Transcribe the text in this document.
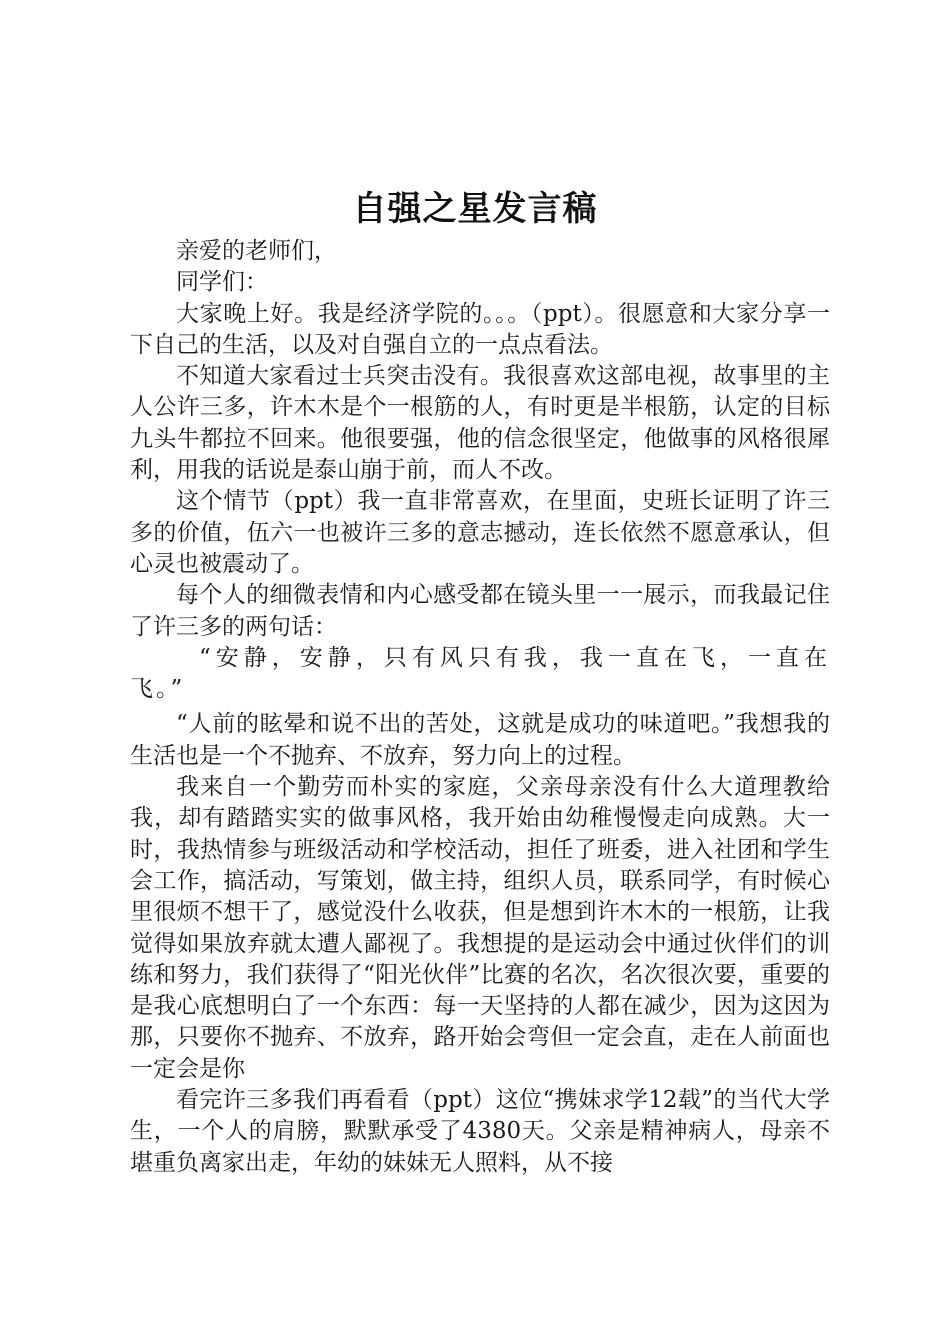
自强之星发言稿

亲爱的老师们，

同学们：

大家晚上好。我是经济学院的。。。（ppt）。很愿意和大家分享一下自己的生活，以及对自强自立的一点点看法。

不知道大家看过士兵突击没有。我很喜欢这部电视，故事里的主人公许三多，许木木是个一根筋的人，有时更是半根筋，认定的目标九头牛都拉不回来。他很要强，他的信念很坚定，他做事的风格很犀利，用我的话说是泰山崩于前，而人不改。

这个情节（ppt）我一直非常喜欢，在里面，史班长证明了许三多的价值，伍六一也被许三多的意志撼动，连长依然不愿意承认，但心灵也被震动了。

每个人的细微表情和内心感受都在镜头里一一展示，而我最记住了许三多的两句话：

“安静，安静，只有风只有我，我一直在飞，一直在飞。”

“人前的眩晕和说不出的苦处，这就是成功的味道吧。”我想我的生活也是一个不抛弃、不放弃，努力向上的过程。

我来自一个勤劳而朴实的家庭，父亲母亲没有什么大道理教给我，却有踏踏实实的做事风格，我开始由幼稚慢慢走向成熟。大一时，我热情参与班级活动和学校活动，担任了班委，进入社团和学生会工作，搞活动，写策划，做主持，组织人员，联系同学，有时候心里很烦不想干了，感觉没什么收获，但是想到许木木的一根筋，让我觉得如果放弃就太遭人鄙视了。我想提的是运动会中通过伙伴们的训练和努力，我们获得了“阳光伙伴”比赛的名次，名次很次要，重要的是我心底想明白了一个东西：每一天坚持的人都在减少，因为这因为那，只要你不抛弃、不放弃，路开始会弯但一定会直，走在人前面也一定会是你

看完许三多我们再看看（ppt）这位“携妹求学12载”的当代大学生，一个人的肩膀，默默承受了4380天。父亲是精神病人，母亲不堪重负离家出走，年幼的妹妹无人照料，从不接
